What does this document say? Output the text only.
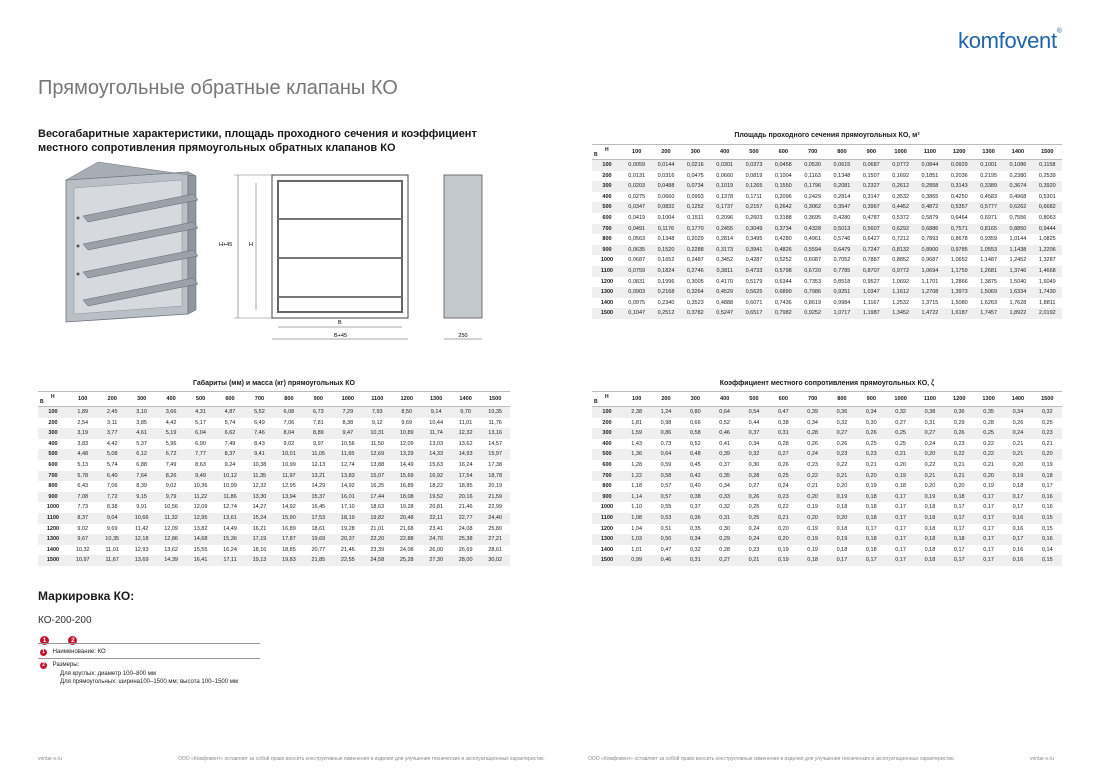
komfovent®
Прямоугольные обратные клапаны КО
Весогабаритные характеристики, площадь проходного сечения и коэффициент местного сопротивления прямоугольных обратных клапанов КО
H+45	H
B
B+45	250
Площадь проходного сечения прямоугольных КО, м²
B
H	100	200	300	400	500	600	700	800	900	1000	1100	1200	1300	1400	1500
100	0,0059	0,0144	0,0216	0,0301	0,0373	0,0458	0,0530	0,0615	0,0687	0,0772	0,0844	0,0929	0,1001	0,1086	0,1158
200	0,0131	0,0316	0,0475	0,0660	0,0819	0,1004	0,1163	0,1348	0,1507	0,1692	0,1851	0,2036	0,2195	0,2380	0,2539
300	0,0203	0,0488	0,0734	0,1019	0,1265	0,1550	0,1796	0,2081	0,2327	0,2612	0,2858	0,3143	0,3389	0,3674	0,3920
400	0,0275	0,0660	0,0993	0,1378	0,1711	0,2096	0,2429	0,2814	0,3147	0,3532	0,3865	0,4250	0,4583	0,4968	0,5301
500	0,0347	0,0832	0,1252	0,1737	0,2157	0,2642	0,3062	0,3547	0,3967	0,4452	0,4872	0,5357	0,5777	0,6262	0,6682
600	0,0419	0,1004	0,1511	0,2096	0,2603	0,3188	0,3695	0,4280	0,4787	0,5372	0,5879	0,6464	0,6971	0,7556	0,8063
700	0,0491	0,1176	0,1770	0,2455	0,3049	0,3734	0,4328	0,5013	0,5607	0,6292	0,6886	0,7571	0,8165	0,8850	0,9444
800	0,0563	0,1348	0,2029	0,2814	0,3495	0,4280	0,4961	0,5746	0,6427	0,7212	0,7893	0,8678	0,9359	1,0144	1,0825
900	0,0635	0,1520	0,2288	0,3173	0,3941	0,4826	0,5594	0,6479	0,7247	0,8132	0,8900	0,9785	1,0553	1,1438	1,2206
1000	0,0687	0,1652	0,2487	0,3452	0,4287	0,5252	0,6087	0,7052	0,7887	0,8852	0,9687	1,0652	1,1487	1,2452	1,3287
1100	0,0759	0,1824	0,2746	0,3811	0,4733	0,5798	0,6720	0,7785	0,8707	0,9772	1,0694	1,1759	1,2681	1,3746	1,4668
1200	0,0831	0,1996	0,3005	0,4170	0,5179	0,6344	0,7353	0,8518	0,9527	1,0692	1,1701	1,2866	1,3875	1,5040	1,6049
1300	0,0903	0,2168	0,3264	0,4529	0,5625	0,6890	0,7986	0,9251	1,0347	1,1612	1,2708	1,3973	1,5069	1,6334	1,7430
1400	0,0975	0,2340	0,3523	0,4888	0,6071	0,7436	0,8619	0,9984	1,1167	1,2532	1,3715	1,5080	1,6263	1,7628	1,8811
1500	0,1047	0,2512	0,3782	0,5247	0,6517	0,7982	0,9252	1,0717	1,1987	1,3452	1,4722	1,6187	1,7457	1,8922	2,0192
Габариты (мм) и масса (кг) прямоугольных КО
B
H	100	200	300	400	500	600	700	800	900	1000	1100	1200	1300	1400	1500
100	1,89	2,45	3,10	3,66	4,31	4,87	5,52	6,08	6,73	7,29	7,93	8,50	9,14	9,70	10,35
200	2,54	3,11	3,85	4,42	5,17	5,74	6,49	7,06	7,81	8,38	9,12	9,69	10,44	11,01	11,76
300	3,19	3,77	4,61	5,19	6,04	6,62	7,46	8,04	8,89	9,47	10,31	10,89	11,74	12,32	13,16
400	3,83	4,42	5,37	5,96	6,90	7,49	8,43	9,02	9,97	10,56	11,50	12,09	13,03	13,62	14,57
500	4,48	5,08	6,12	6,72	7,77	8,37	9,41	10,01	11,05	11,65	12,69	13,29	14,33	14,93	15,97
600	5,13	5,74	6,88	7,49	8,63	9,24	10,38	10,99	12,13	12,74	13,88	14,49	15,63	16,24	17,38
700	5,78	6,40	7,64	8,26	9,49	10,12	11,35	11,97	13,21	13,83	15,07	15,69	16,92	17,54	18,78
800	6,43	7,06	8,39	9,02	10,36	10,99	12,32	12,95	14,29	14,92	16,25	16,89	18,22	18,85	20,19
900	7,08	7,72	9,15	9,79	11,22	11,86	13,30	13,94	15,37	16,01	17,44	18,08	19,52	20,16	21,59
1000	7,73	8,38	9,91	10,56	12,09	12,74	14,27	14,92	16,45	17,10	18,63	19,28	20,81	21,46	22,99
1100	8,37	9,04	10,66	11,32	12,95	13,61	15,24	15,90	17,53	18,19	19,82	20,48	22,11	22,77	24,40
1200	9,02	9,69	11,42	12,09	13,82	14,49	16,21	16,89	18,61	19,28	21,01	21,68	23,41	24,08	25,80
1300	9,67	10,35	12,18	12,86	14,68	15,36	17,19	17,87	19,69	20,37	22,20	22,88	24,70	25,38	27,21
1400	10,32	11,01	12,93	13,62	15,55	16,24	18,16	18,85	20,77	21,46	23,39	24,08	26,00	26,69	28,61
1500	10,97	11,67	13,69	14,39	16,41	17,11	19,13	19,83	21,85	22,55	24,58	25,28	27,30	28,00	30,02
Коэффициент местного сопротивления прямоугольных КО, ζ
B
H	100	200	300	400	500	600	700	800	900	1000	1100	1200	1300	1400	1500
100	2,38	1,24	0,80	0,64	0,54	0,47	0,39	0,36	0,34	0,32	0,38	0,36	0,35	0,34	0,32
200	1,81	0,98	0,66	0,52	0,44	0,38	0,34	0,32	0,30	0,27	0,31	0,29	0,28	0,26	0,25
300	1,59	0,86	0,58	0,46	0,37	0,31	0,28	0,27	0,26	0,25	0,27	0,26	0,25	0,24	0,23
400	1,43	0,73	0,52	0,41	0,34	0,28	0,26	0,26	0,25	0,25	0,24	0,23	0,22	0,21	0,21
500	1,36	0,64	0,48	0,39	0,32	0,27	0,24	0,23	0,23	0,21	0,20	0,22	0,22	0,21	0,20
600	1,28	0,59	0,45	0,37	0,30	0,26	0,23	0,22	0,21	0,20	0,22	0,21	0,21	0,20	0,19
700	1,22	0,58	0,42	0,35	0,28	0,25	0,22	0,21	0,20	0,19	0,21	0,21	0,20	0,19	0,18
800	1,18	0,57	0,40	0,34	0,27	0,24	0,21	0,20	0,19	0,18	0,20	0,20	0,19	0,18	0,17
900	1,14	0,57	0,38	0,33	0,26	0,23	0,20	0,19	0,18	0,17	0,19	0,18	0,17	0,17	0,16
1000	1,10	0,55	0,37	0,32	0,25	0,22	0,19	0,18	0,18	0,17	0,18	0,17	0,17	0,17	0,16
1100	1,08	0,53	0,36	0,31	0,25	0,21	0,20	0,20	0,18	0,17	0,18	0,17	0,17	0,16	0,15
1200	1,04	0,51	0,35	0,30	0,24	0,20	0,19	0,18	0,17	0,17	0,18	0,17	0,17	0,16	0,15
1300	1,03	0,50	0,34	0,29	0,24	0,20	0,19	0,19	0,18	0,17	0,18	0,18	0,17	0,17	0,16
1400	1,01	0,47	0,32	0,28	0,23	0,19	0,19	0,18	0,18	0,17	0,18	0,17	0,17	0,16	0,14
1500	0,99	0,46	0,31	0,27	0,21	0,19	0,18	0,17	0,17	0,17	0,18	0,17	0,17	0,16	0,15
Маркировка КО:
КО-200-200
1	2
1 Наименование: КО
2 Размеры:
Для круглых: диаметр 100–800 мм
Для прямоугольных: ширина100–1500 мм; высота 100–1500 мм
ventar-s.ru	ООО «Комфовент» оставляет за собой право вносить конструктивные изменения в изделия для улучшения технических и эксплуатационных характеристик.	ООО «Комфовент» оставляет за собой право вносить конструктивные изменения в изделия для улучшения технических и эксплуатационных характеристик.	ventar-s.ru
